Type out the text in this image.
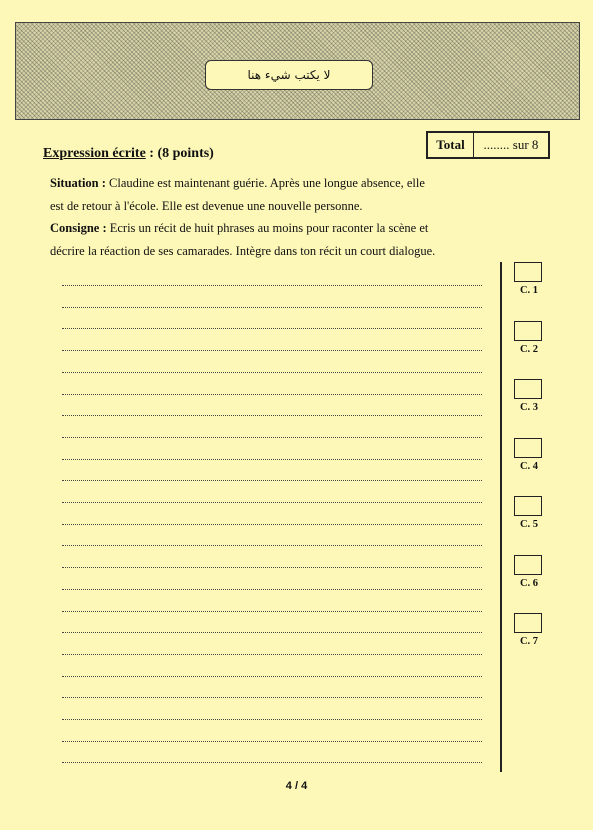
لا يكتب شيء هنا
Total	........ sur 8
Expression écrite : (8 points)
Situation : Claudine est maintenant guérie. Après une longue absence, elle
est de retour à l'école. Elle est devenue une nouvelle personne.
Consigne : Ecris un récit de huit phrases au moins pour raconter la scène et
décrire la réaction de ses camarades. Intègre dans ton récit un court dialogue.
C. 1
C. 2
C. 3
C. 4
C. 5
C. 6
C. 7
4 / 4
